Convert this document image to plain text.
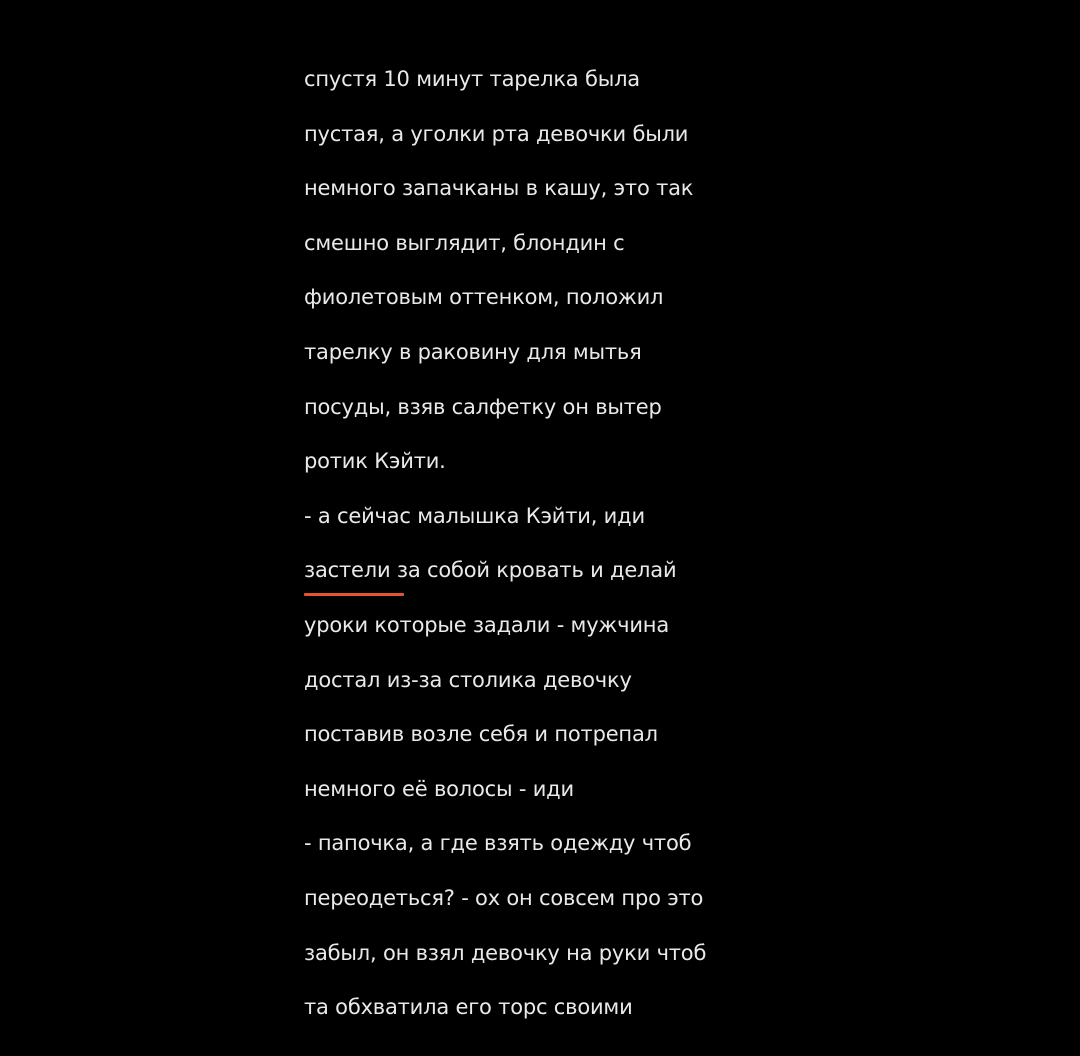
спустя 10 минут тарелка была
пустая, а уголки рта девочки были
немного запачканы в кашу, это так
смешно выглядит, блондин с
фиолетовым оттенком, положил
тарелку в раковину для мытья
посуды, взяв салфетку он вытер
ротик Кэйти.
- а сейчас малышка Кэйти, иди
застели за собой кровать и делай
уроки которые задали - мужчина
достал из-за столика девочку
поставив возле себя и потрепал
немного её волосы - иди
- папочка, а где взять одежду чтоб
переодеться? - ох он совсем про это
забыл, он взял девочку на руки чтоб
та обхватила его торс своими
